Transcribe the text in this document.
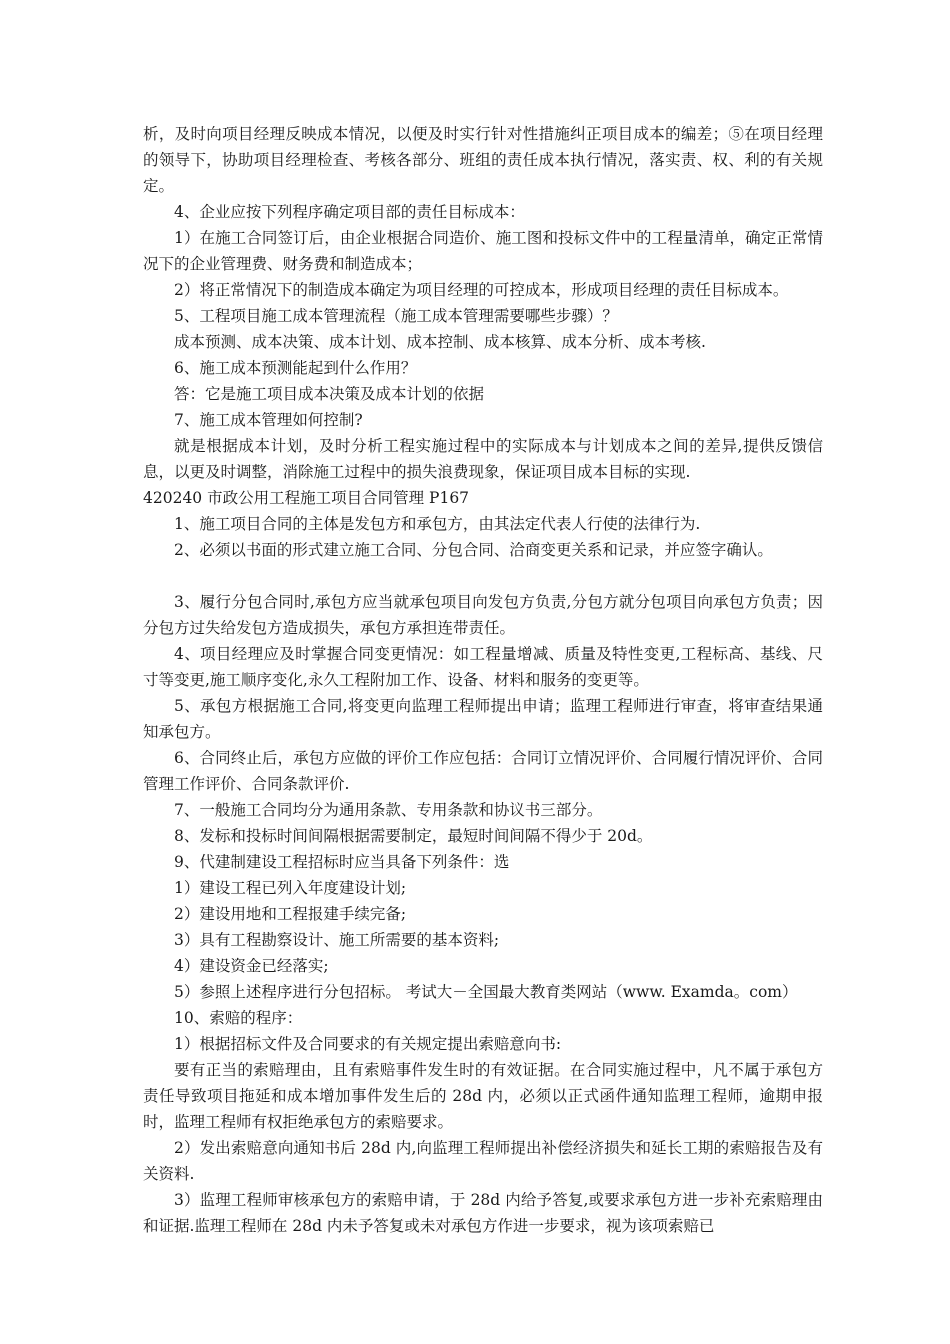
析，及时向项目经理反映成本情况，以便及时实行针对性措施纠正项目成本的编差；⑤在项目经理的领导下，协助项目经理检查、考核各部分、班组的责任成本执行情况，落实责、权、利的有关规定。

4、企业应按下列程序确定项目部的责任目标成本：

1）在施工合同签订后，由企业根据合同造价、施工图和投标文件中的工程量清单，确定正常情况下的企业管理费、财务费和制造成本；

2）将正常情况下的制造成本确定为项目经理的可控成本，形成项目经理的责任目标成本。

5、工程项目施工成本管理流程（施工成本管理需要哪些步骤）？

成本预测、成本决策、成本计划、成本控制、成本核算、成本分析、成本考核.

6、施工成本预测能起到什么作用？

答：它是施工项目成本决策及成本计划的依据

7、施工成本管理如何控制?

就是根据成本计划，及时分析工程实施过程中的实际成本与计划成本之间的差异,提供反馈信息，以更及时调整，消除施工过程中的损失浪费现象，保证项目成本目标的实现.

420240 市政公用工程施工项目合同管理 P167

1、施工项目合同的主体是发包方和承包方，由其法定代表人行使的法律行为.

2、必须以书面的形式建立施工合同、分包合同、洽商变更关系和记录，并应签字确认。

3、履行分包合同时,承包方应当就承包项目向发包方负责,分包方就分包项目向承包方负责；因分包方过失给发包方造成损失，承包方承担连带责任。

4、项目经理应及时掌握合同变更情况：如工程量增减、质量及特性变更,工程标高、基线、尺寸等变更,施工顺序变化,永久工程附加工作、设备、材料和服务的变更等。

5、承包方根据施工合同,将变更向监理工程师提出申请；监理工程师进行审查，将审查结果通知承包方。

6、合同终止后，承包方应做的评价工作应包括：合同订立情况评价、合同履行情况评价、合同管理工作评价、合同条款评价.

7、一般施工合同均分为通用条款、专用条款和协议书三部分。

8、发标和投标时间间隔根据需要制定，最短时间间隔不得少于 20d。

9、代建制建设工程招标时应当具备下列条件：选

1）建设工程已列入年度建设计划;

2）建设用地和工程报建手续完备;

3）具有工程勘察设计、施工所需要的基本资料;

4）建设资金已经落实;

5）参照上述程序进行分包招标。 考试大－全国最大教育类网站（www. Examda。com）

10、索赔的程序：

1）根据招标文件及合同要求的有关规定提出索赔意向书:

要有正当的索赔理由，且有索赔事件发生时的有效证据。在合同实施过程中，凡不属于承包方责任导致项目拖延和成本增加事件发生后的 28d 内，必须以正式函件通知监理工程师，逾期申报时，监理工程师有权拒绝承包方的索赔要求。

2）发出索赔意向通知书后 28d 内,向监理工程师提出补偿经济损失和延长工期的索赔报告及有关资料.

3）监理工程师审核承包方的索赔申请，于 28d 内给予答复,或要求承包方进一步补充索赔理由和证据.监理工程师在 28d 内未予答复或未对承包方作进一步要求，视为该项索赔已
